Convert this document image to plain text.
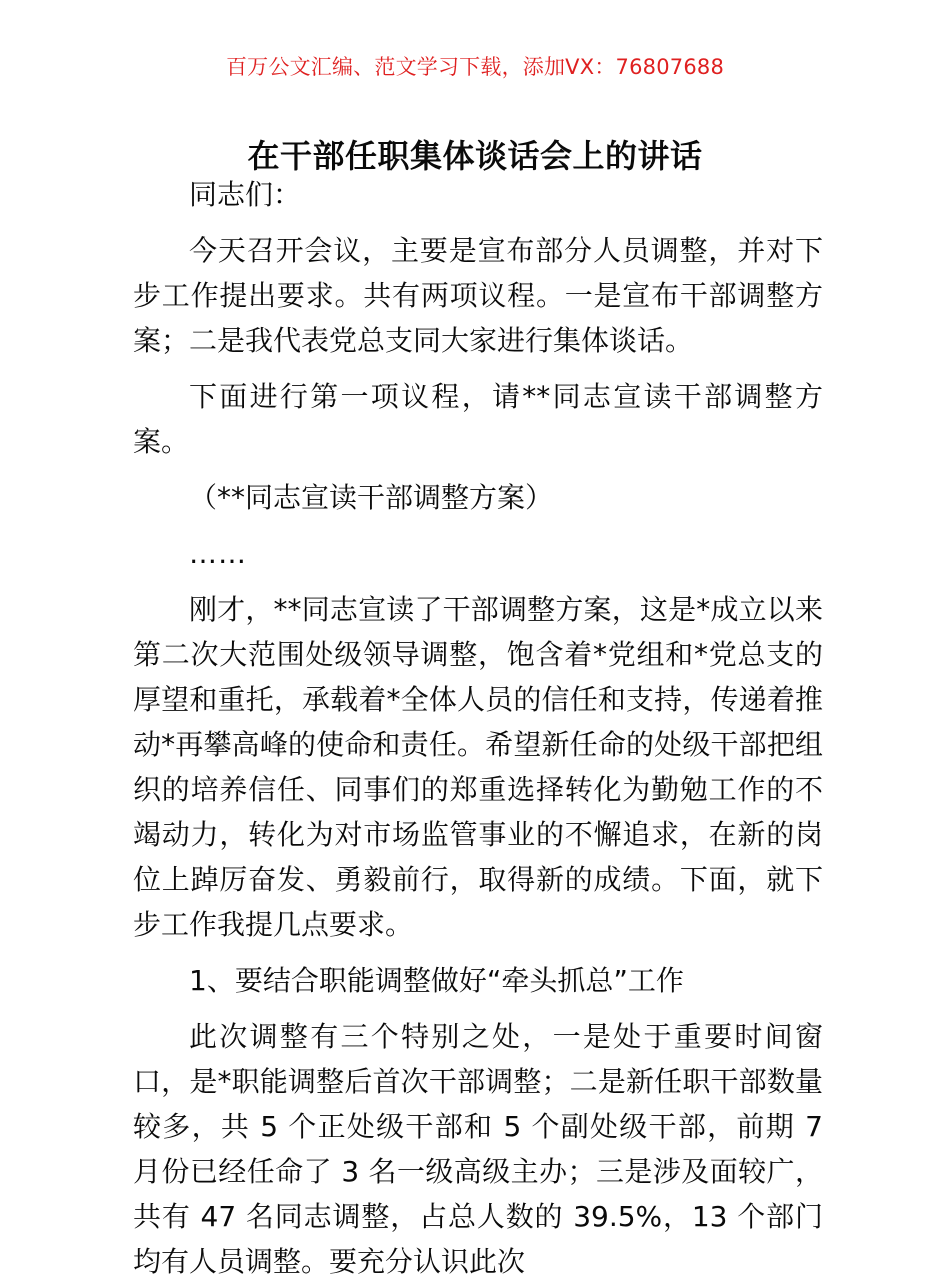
百万公文汇编、范文学习下载，添加VX：76807688
在干部任职集体谈话会上的讲话

同志们：

今天召开会议，主要是宣布部分人员调整，并对下步工作提出要求。共有两项议程。一是宣布干部调整方案；二是我代表党总支同大家进行集体谈话。

下面进行第一项议程，请**同志宣读干部调整方案。

（**同志宣读干部调整方案）

……

刚才，**同志宣读了干部调整方案，这是*成立以来第二次大范围处级领导调整，饱含着*党组和*党总支的厚望和重托，承载着*全体人员的信任和支持，传递着推动*再攀高峰的使命和责任。希望新任命的处级干部把组织的培养信任、同事们的郑重选择转化为勤勉工作的不竭动力，转化为对市场监管事业的不懈追求，在新的岗位上踔厉奋发、勇毅前行，取得新的成绩。下面，就下步工作我提几点要求。

1、要结合职能调整做好“牵头抓总”工作

此次调整有三个特别之处，一是处于重要时间窗口，是*职能调整后首次干部调整；二是新任职干部数量较多，共 5 个正处级干部和 5 个副处级干部，前期 7 月份已经任命了 3 名一级高级主办；三是涉及面较广，共有 47 名同志调整，占总人数的 39.5%，13 个部门均有人员调整。要充分认识此次
